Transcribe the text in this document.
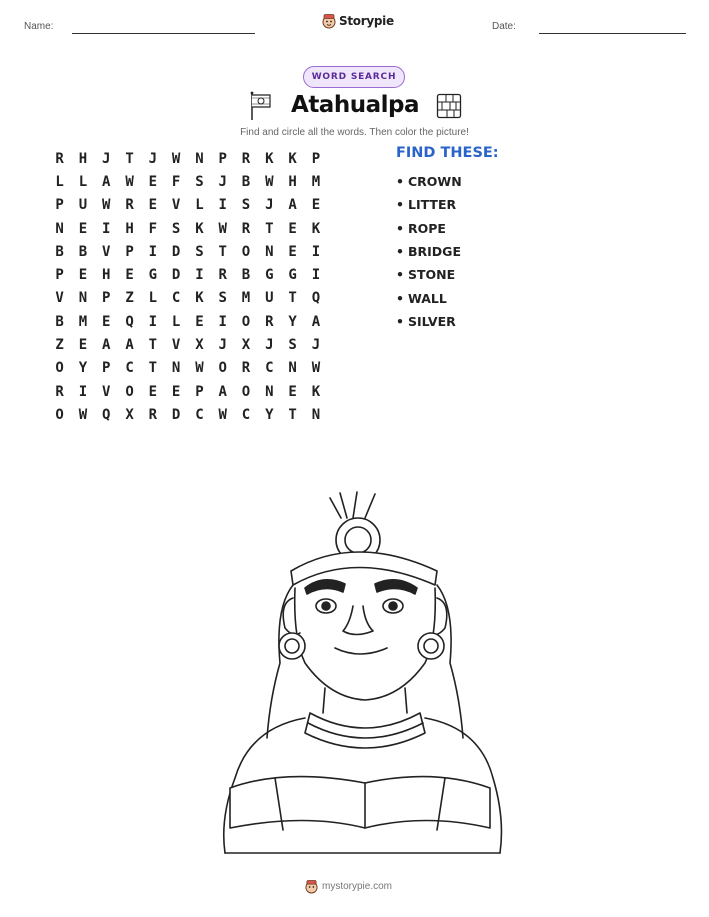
Name:	Storypie	Date:
WORD SEARCH
Atahualpa
Find and circle all the words. Then color the picture!
R	H	J	T	J	W	N	P	R	K	K	P
L	L	A	W	E	F	S	J	B	W	H	M
P	U	W	R	E	V	L	I	S	J	A	E
N	E	I	H	F	S	K	W	R	T	E	K
B	B	V	P	I	D	S	T	O	N	E	I
P	E	H	E	G	D	I	R	B	G	G	I
V	N	P	Z	L	C	K	S	M	U	T	Q
B	M	E	Q	I	L	E	I	O	R	Y	A
Z	E	A	A	T	V	X	J	X	J	S	J
O	Y	P	C	T	N	W	O	R	C	N	W
R	I	V	O	E	E	P	A	O	N	E	K
O	W	Q	X	R	D	C	W	C	Y	T	N
FIND THESE:
• CROWN
• LITTER
• ROPE
• BRIDGE
• STONE
• WALL
• SILVER
mystorypie.com
